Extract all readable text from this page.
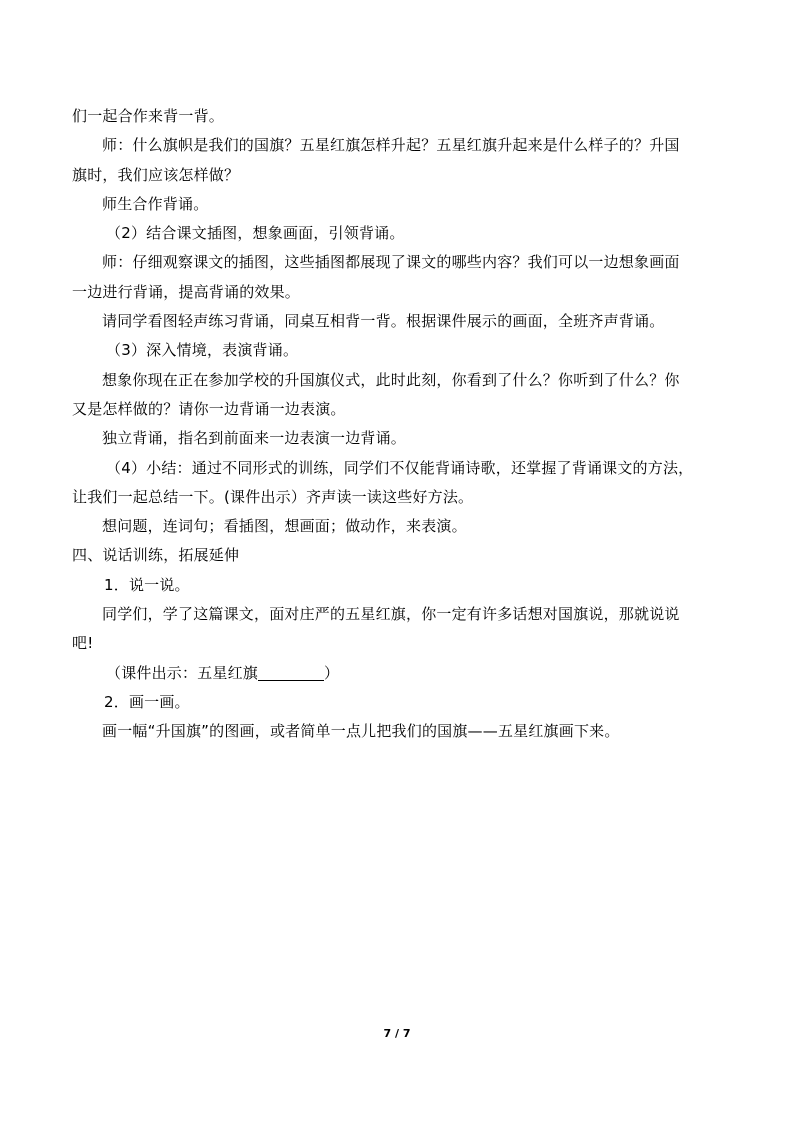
们一起合作来背一背。
师：什么旗帜是我们的国旗？五星红旗怎样升起？五星红旗升起来是什么样子的？升国
旗时，我们应该怎样做？
师生合作背诵。
（2）结合课文插图，想象画面，引领背诵。
师：仔细观察课文的插图，这些插图都展现了课文的哪些内容？我们可以一边想象画面
一边进行背诵，提高背诵的效果。
请同学看图轻声练习背诵，同桌互相背一背。根据课件展示的画面，全班齐声背诵。
（3）深入情境，表演背诵。
想象你现在正在参加学校的升国旗仪式，此时此刻，你看到了什么？你听到了什么？你
又是怎样做的？请你一边背诵一边表演。
独立背诵，指名到前面来一边表演一边背诵。
（4）小结：通过不同形式的训练，同学们不仅能背诵诗歌，还掌握了背诵课文的方法，
让我们一起总结一下。(课件出示）齐声读一读这些好方法。
想问题，连词句；看插图，想画面；做动作，来表演。
四、说话训练，拓展延伸
1．说一说。
同学们，学了这篇课文，面对庄严的五星红旗，你一定有许多话想对国旗说，那就说说
吧!
（课件出示：五星红旗	）
2．画一画。
画一幅“升国旗”的图画，或者简单一点儿把我们的国旗——五星红旗画下来。
7 / 7
